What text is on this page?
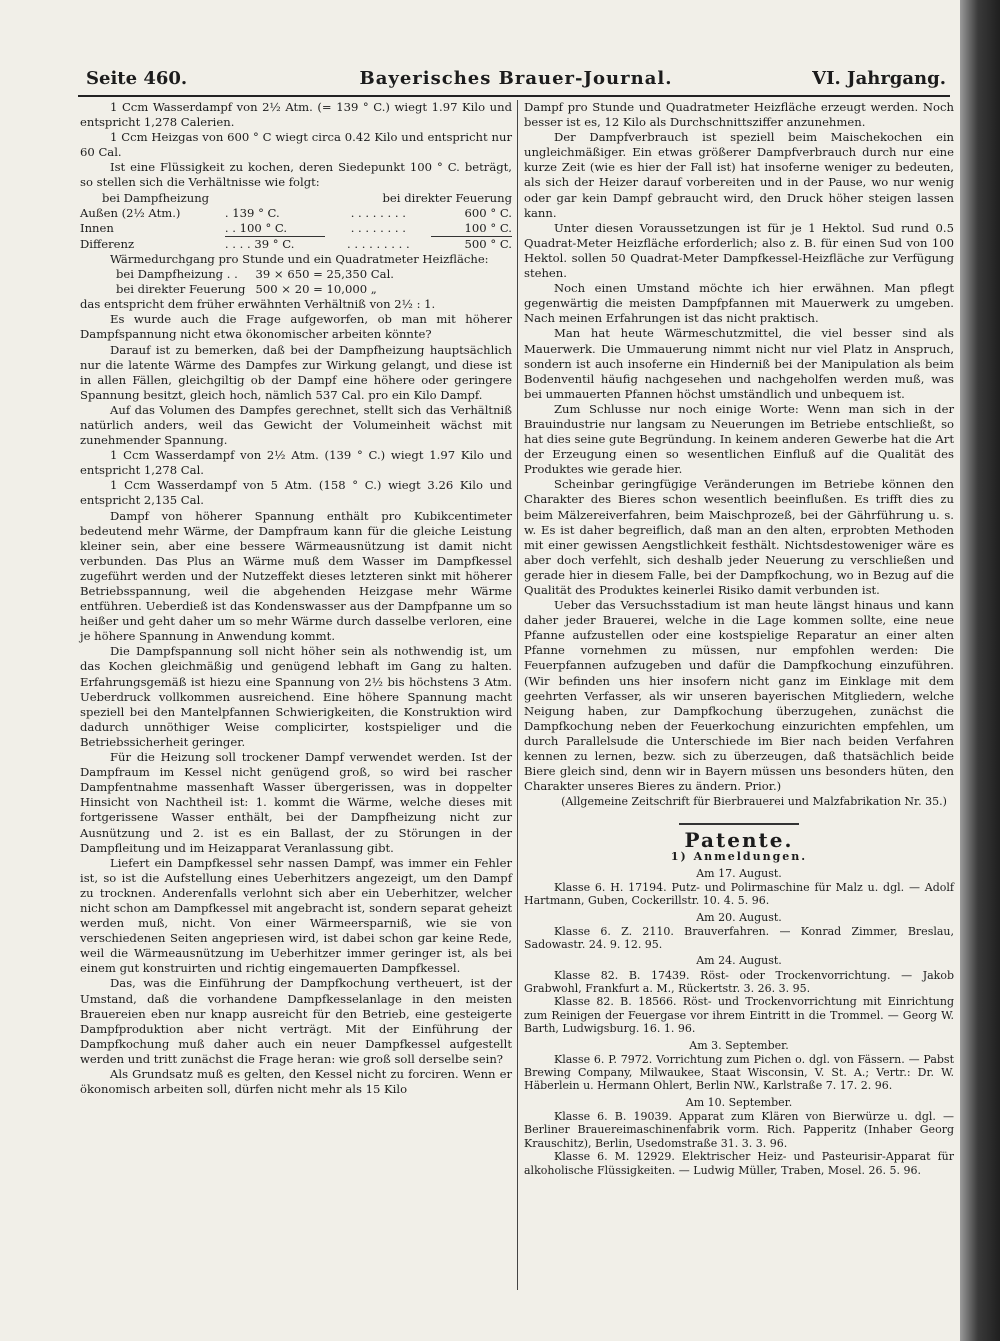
Seite 460.	Bayerisches Brauer-Journal.	VI. Jahrgang.

1 Ccm Wasserdampf von 2½ Atm. (= 139 ° C.) wiegt 1.97 Kilo und entspricht 1,278 Calerien.

1 Ccm Heizgas von 600 ° C wiegt circa 0.42 Kilo und entspricht nur 60 Cal.

Ist eine Flüssigkeit zu kochen, deren Siedepunkt 100 ° C. beträgt, so stellen sich die Verhältnisse wie folgt:

bei Dampfheizung		bei direkter Feuerung	
Außen (2½ Atm.)	. 139 ° C.	. . . . . . . .	600 ° C.
Innen	. . 100 ° C.	. . . . . . . .	100 ° C.
Differenz	. . . . 39 ° C.	. . . . . . . . .	500 ° C.

Wärmedurchgang pro Stunde und ein Quadratmeter Heizfläche:

bei Dampfheizung . .	39 × 650 = 25,350 Cal.
bei direkter Feuerung	500 × 20 = 10,000 „

das entspricht dem früher erwähnten Verhältniß von 2½ : 1.

Es wurde auch die Frage aufgeworfen, ob man mit höherer Dampfspannung nicht etwa ökonomischer arbeiten könnte?

Darauf ist zu bemerken, daß bei der Dampfheizung hauptsächlich nur die latente Wärme des Dampfes zur Wirkung gelangt, und diese ist in allen Fällen, gleichgiltig ob der Dampf eine höhere oder geringere Spannung besitzt, gleich hoch, nämlich 537 Cal. pro ein Kilo Dampf.

Auf das Volumen des Dampfes gerechnet, stellt sich das Verhältniß natürlich anders, weil das Gewicht der Volumeinheit wächst mit zunehmender Spannung.

1 Ccm Wasserdampf von 2½ Atm. (139 ° C.) wiegt 1.97 Kilo und entspricht 1,278 Cal.

1 Ccm Wasserdampf von 5 Atm. (158 ° C.) wiegt 3.26 Kilo und entspricht 2,135 Cal.

Dampf von höherer Spannung enthält pro Kubikcentimeter bedeutend mehr Wärme, der Dampfraum kann für die gleiche Leistung kleiner sein, aber eine bessere Wärmeausnützung ist damit nicht verbunden. Das Plus an Wärme muß dem Wasser im Dampfkessel zugeführt werden und der Nutzeffekt dieses letzteren sinkt mit höherer Betriebsspannung, weil die abgehenden Heizgase mehr Wärme entführen. Ueberdieß ist das Kondenswasser aus der Dampfpanne um so heißer und geht daher um so mehr Wärme durch dasselbe verloren, eine je höhere Spannung in Anwendung kommt.

Die Dampfspannung soll nicht höher sein als nothwendig ist, um das Kochen gleichmäßig und genügend lebhaft im Gang zu halten. Erfahrungsgemäß ist hiezu eine Spannung von 2½ bis höchstens 3 Atm. Ueberdruck vollkommen ausreichend. Eine höhere Spannung macht speziell bei den Mantelpfannen Schwierigkeiten, die Konstruktion wird dadurch unnöthiger Weise complicirter, kostspieliger und die Betriebssicherheit geringer.

Für die Heizung soll trockener Dampf verwendet werden. Ist der Dampfraum im Kessel nicht genügend groß, so wird bei rascher Dampfentnahme massenhaft Wasser übergerissen, was in doppelter Hinsicht von Nachtheil ist: 1. kommt die Wärme, welche dieses mit fortgerissene Wasser enthält, bei der Dampfheizung nicht zur Ausnützung und 2. ist es ein Ballast, der zu Störungen in der Dampfleitung und im Heizapparat Veranlassung gibt.

Liefert ein Dampfkessel sehr nassen Dampf, was immer ein Fehler ist, so ist die Aufstellung eines Ueberhitzers angezeigt, um den Dampf zu trocknen. Anderenfalls verlohnt sich aber ein Ueberhitzer, welcher nicht schon am Dampfkessel mit angebracht ist, sondern separat geheizt werden muß, nicht. Von einer Wärmeersparniß, wie sie von verschiedenen Seiten angepriesen wird, ist dabei schon gar keine Rede, weil die Wärmeausnützung im Ueberhitzer immer geringer ist, als bei einem gut konstruirten und richtig eingemauerten Dampfkessel.

Das, was die Einführung der Dampfkochung vertheuert, ist der Umstand, daß die vorhandene Dampfkesselanlage in den meisten Brauereien eben nur knapp ausreicht für den Betrieb, eine gesteigerte Dampfproduktion aber nicht verträgt. Mit der Einführung der Dampfkochung muß daher auch ein neuer Dampfkessel aufgestellt werden und tritt zunächst die Frage heran: wie groß soll derselbe sein?

Als Grundsatz muß es gelten, den Kessel nicht zu forciren. Wenn er ökonomisch arbeiten soll, dürfen nicht mehr als 15 Kilo

Dampf pro Stunde und Quadratmeter Heizfläche erzeugt werden. Noch besser ist es, 12 Kilo als Durchschnittsziffer anzunehmen.

Der Dampfverbrauch ist speziell beim Maischekochen ein ungleichmäßiger. Ein etwas größerer Dampfverbrauch durch nur eine kurze Zeit (wie es hier der Fall ist) hat insoferne weniger zu bedeuten, als sich der Heizer darauf vorbereiten und in der Pause, wo nur wenig oder gar kein Dampf gebraucht wird, den Druck höher steigen lassen kann.

Unter diesen Voraussetzungen ist für je 1 Hektol. Sud rund 0.5 Quadrat-Meter Heizfläche erforderlich; also z. B. für einen Sud von 100 Hektol. sollen 50 Quadrat-Meter Dampfkessel-Heizfläche zur Verfügung stehen.

Noch einen Umstand möchte ich hier erwähnen. Man pflegt gegenwärtig die meisten Dampfpfannen mit Mauerwerk zu umgeben. Nach meinen Erfahrungen ist das nicht praktisch.

Man hat heute Wärmeschutzmittel, die viel besser sind als Mauerwerk. Die Ummauerung nimmt nicht nur viel Platz in Anspruch, sondern ist auch insoferne ein Hinderniß bei der Manipulation als beim Bodenventil häufig nachgesehen und nachgeholfen werden muß, was bei ummauerten Pfannen höchst umständlich und unbequem ist.

Zum Schlusse nur noch einige Worte: Wenn man sich in der Brauindustrie nur langsam zu Neuerungen im Betriebe entschließt, so hat dies seine gute Begründung. In keinem anderen Gewerbe hat die Art der Erzeugung einen so wesentlichen Einfluß auf die Qualität des Produktes wie gerade hier.

Scheinbar geringfügige Veränderungen im Betriebe können den Charakter des Bieres schon wesentlich beeinflußen. Es trifft dies zu beim Mälzereiverfahren, beim Maischprozeß, bei der Gährführung u. s. w. Es ist daher begreiflich, daß man an den alten, erprobten Methoden mit einer gewissen Aengstlichkeit festhält. Nichtsdestoweniger wäre es aber doch verfehlt, sich deshalb jeder Neuerung zu verschließen und gerade hier in diesem Falle, bei der Dampfkochung, wo in Bezug auf die Qualität des Produktes keinerlei Risiko damit verbunden ist.

Ueber das Versuchsstadium ist man heute längst hinaus und kann daher jeder Brauerei, welche in die Lage kommen sollte, eine neue Pfanne aufzustellen oder eine kostspielige Reparatur an einer alten Pfanne vornehmen zu müssen, nur empfohlen werden: Die Feuerpfannen aufzugeben und dafür die Dampfkochung einzuführen. (Wir befinden uns hier insofern nicht ganz im Einklage mit dem geehrten Verfasser, als wir unseren bayerischen Mitgliedern, welche Neigung haben, zur Dampfkochung überzugehen, zunächst die Dampfkochung neben der Feuerkochung einzurichten empfehlen, um durch Parallelsude die Unterschiede im Bier nach beiden Verfahren kennen zu lernen, bezw. sich zu überzeugen, daß thatsächlich beide Biere gleich sind, denn wir in Bayern müssen uns besonders hüten, den Charakter unseres Bieres zu ändern. Prior.)

(Allgemeine Zeitschrift für Bierbrauerei und Malzfabrikation Nr. 35.)

Patente.
1) Anmeldungen.
Am 17. August.

Klasse 6. H. 17194. Putz- und Polirmaschine für Malz u. dgl. — Adolf Hartmann, Guben, Cockerillstr. 10. 4. 5. 96.

Am 20. August.

Klasse 6. Z. 2110. Brauverfahren. — Konrad Zimmer, Breslau, Sadowastr. 24. 9. 12. 95.

Am 24. August.

Klasse 82. B. 17439. Röst- oder Trockenvorrichtung. — Jakob Grabwohl, Frankfurt a. M., Rückertstr. 3. 26. 3. 95.

Klasse 82. B. 18566. Röst- und Trockenvorrichtung mit Einrichtung zum Reinigen der Feuergase vor ihrem Eintritt in die Trommel. — Georg W. Barth, Ludwigsburg. 16. 1. 96.

Am 3. September.

Klasse 6. P. 7972. Vorrichtung zum Pichen o. dgl. von Fässern. — Pabst Brewing Company, Milwaukee, Staat Wisconsin, V. St. A.; Vertr.: Dr. W. Häberlein u. Hermann Ohlert, Berlin NW., Karlstraße 7. 17. 2. 96.

Am 10. September.

Klasse 6. B. 19039. Apparat zum Klären von Bierwürze u. dgl. — Berliner Brauereimaschinenfabrik vorm. Rich. Papperitz (Inhaber Georg Krauschitz), Berlin, Usedomstraße 31. 3. 3. 96.

Klasse 6. M. 12929. Elektrischer Heiz- und Pasteurisir-Apparat für alkoholische Flüssigkeiten. — Ludwig Müller, Traben, Mosel. 26. 5. 96.
